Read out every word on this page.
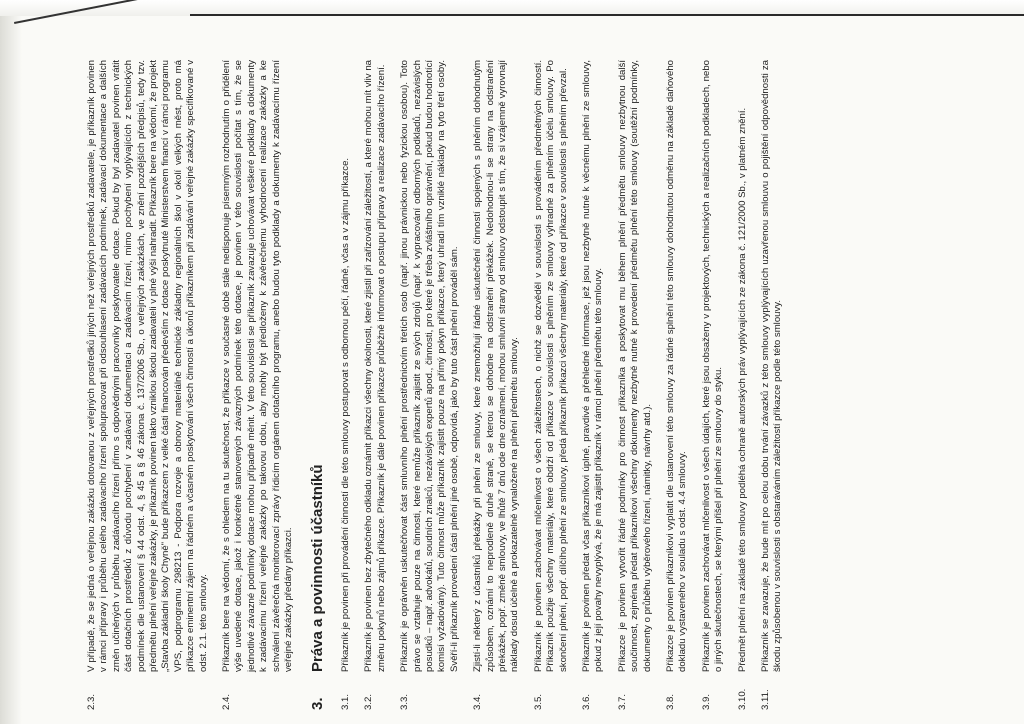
2.3.
V případě, že se jedná o veřejnou zakázku dotovanou z veřejných prostředků jiných než veřejných prostředků zadavatele, je příkazník povinen v rámci přípravy i průběhu celého zadávacího řízení spolupracovat při odsouhlasení zadávacích podmínek, zadávací dokumentace a dalších změn učiněných v průběhu zadávacího řízení přímo s odpovědnými pracovníky poskytovatele dotace. Pokud by byl zadavatel povinen vrátit část dotačních prostředků z důvodu pochybení v zadávací dokumentaci a zadávacím řízení, mimo pochybení vyplývajících z technických podmínek dle ustanovení § 44 odst. 4, § 45 a § 46 zákona č. 137/2006 Sb., o veřejných zakázkách, ve znění pozdějších předpisů, tedy tzv. předmětu plnění veřejné zakázky, je příkazník povinen takto vzniklou škodu zadavateli v plné výši nahradit. Příkazník bere na vědomí, že projekt „Stavba základní školy Chyně" bude příkazcem z velké části financován především z dotace poskytnuté Ministerstvem financí v rámci programu VPS, podprogramu 298213 - Podpora rozvoje a obnovy materiálně technické základny regionálních škol v okolí velkých měst, proto má příkazce eminentní zájem na řádném a včasném poskytování všech činností a úkonů příkazníkem při zadávání veřejné zakázky specifikované v odst. 2.1. této smlouvy.
2.4.
Příkazník bere na vědomí, že s ohledem na tu skutečnost, že příkazce v současné době stále nedisponuje písemným rozhodnutím o přidělení výše uvedené dotace, jakož i konkrétně stanovených závazných podmínek této dotace, je povinen v této souvislosti počítat s tím, že se jednotlivé závazné podmínky dotace mohou případně měnit. V této souvislosti se příkazník zavazuje uchovávat veškeré podklady a dokumenty k zadávacímu řízení veřejné zakázky po takovou dobu, aby mohly být předloženy k závěrečnému vyhodnocení realizace zakázky a ke schválení závěrečná monitorovací zprávy řídicím orgánem dotačního programu, anebo budou tyto podklady a dokumenty k zadávacímu řízení veřejné zakázky předány příkazci.
3.Práva a povinnosti účastníků
3.1.
Příkazník je povinen při provádění činností dle této smlouvy postupovat s odbornou péčí, řádně, včas a v zájmu příkazce.
3.2.
Příkazník je povinen bez zbytečného odkladu oznámit příkazci všechny okolnosti, které zjistil při zařizování záležitostí, a které mohou mít vliv na změnu pokynů nebo zájmů příkazce. Příkazník je dále povinen příkazce průběžně informovat o postupu přípravy a realizace zadávacího řízení.
3.3.
Příkazník je oprávněn uskutečňovat část smluvního plnění prostřednictvím třetích osob (např. jinou právnickou nebo fyzickou osobou). Toto právo se vztahuje pouze na činnosti, které nemůže příkazník zajistit ze svých zdrojů (např. k vypracování odborných podkladů, nezávislých posudků – např. advokátů, soudních znalců, nezávislých expertů apod., činnosti, pro které je třeba zvláštního oprávnění, pokud budou hodnotící komisí vyžadovány). Tuto činnost může příkazník zajistit pouze na přímý pokyn příkazce, který uhradí tím vzniklé náklady na tyto třetí osoby. Svěří-li příkazník provedení části plnění jiné osobě, odpovídá, jako by tuto část plnění prováděl sám.
3.4.
Zjistí-li některý z účastníků překážky při plnění ze smlouvy, které znemožňují řádné uskutečnění činností spojených s plněním dohodnutým způsobem, oznámí to neprodleně druhé straně, se kterou se dohodne na odstranění překážek. Nedohodnou-li se strany na odstranění překážek, popř. změně smlouvy, ve lhůtě 7 dnů ode dne oznámení, mohou smluvní strany od smlouvy odstoupit s tím, že si vzájemně vyrovnají náklady dosud účelně a prokazatelně vynaložené na plnění předmětu smlouvy.
3.5.
Příkazník je povinen zachovávat mlčenlivost o všech záležitostech, o nichž se dozvěděl v souvislosti s prováděním předmětných činností. Příkazník použije všechny materiály, které obdrží od příkazce v souvislosti s plněním ze smlouvy výhradně za plněním účelu smlouvy. Po skončení plnění, popř. dílčího plnění ze smlouvy, předá příkazník příkazci všechny materiály, které od příkazce v souvislosti s plněním převzal.
3.6.
Příkazník je povinen předat včas příkazníkovi úplné, pravdivé a přehledné informace, jež jsou nezbytně nutné k věcnému plnění ze smlouvy, pokud z její povahy nevyplývá, že je má zajistit příkazník v rámci plnění předmětu této smlouvy.
3.7.
Příkazce je povinen vytvořit řádné podmínky pro činnost příkazníka a poskytovat mu během plnění předmětu smlouvy nezbytnou další součinnost, zejména předat příkazníkovi všechny dokumenty nezbytně nutné k provedení předmětu plnění této smlouvy (soutěžní podmínky, dokumenty o průběhu výběrového řízení, námitky, návrhy atd.).
3.8.
Příkazce je povinen příkazníkovi vyplatit dle ustanovení této smlouvy za řádné splnění této smlouvy dohodnutou odměnu na základě daňového dokladu vystaveného v souladu s odst. 4.4 smlouvy.
3.9.
Příkazník je povinen zachovávat mlčenlivost o všech údajích, které jsou obsaženy v projektových, technických a realizačních podkladech, nebo o jiných skutečnostech, se kterými přišel při plnění ze smlouvy do styku.
3.10.
Předmět plnění na základě této smlouvy podléhá ochraně autorských práv vyplývajících ze zákona č. 121/2000 Sb., v platném znění.
3.11.
Příkazník se zavazuje, že bude mít po celou dobu trvání závazků z této smlouvy vyplývajících uzavřenou smlouvu o pojištění odpovědnosti za škodu způsobenou v souvislosti s obstaráváním záležitostí příkazce podle této smlouvy.
